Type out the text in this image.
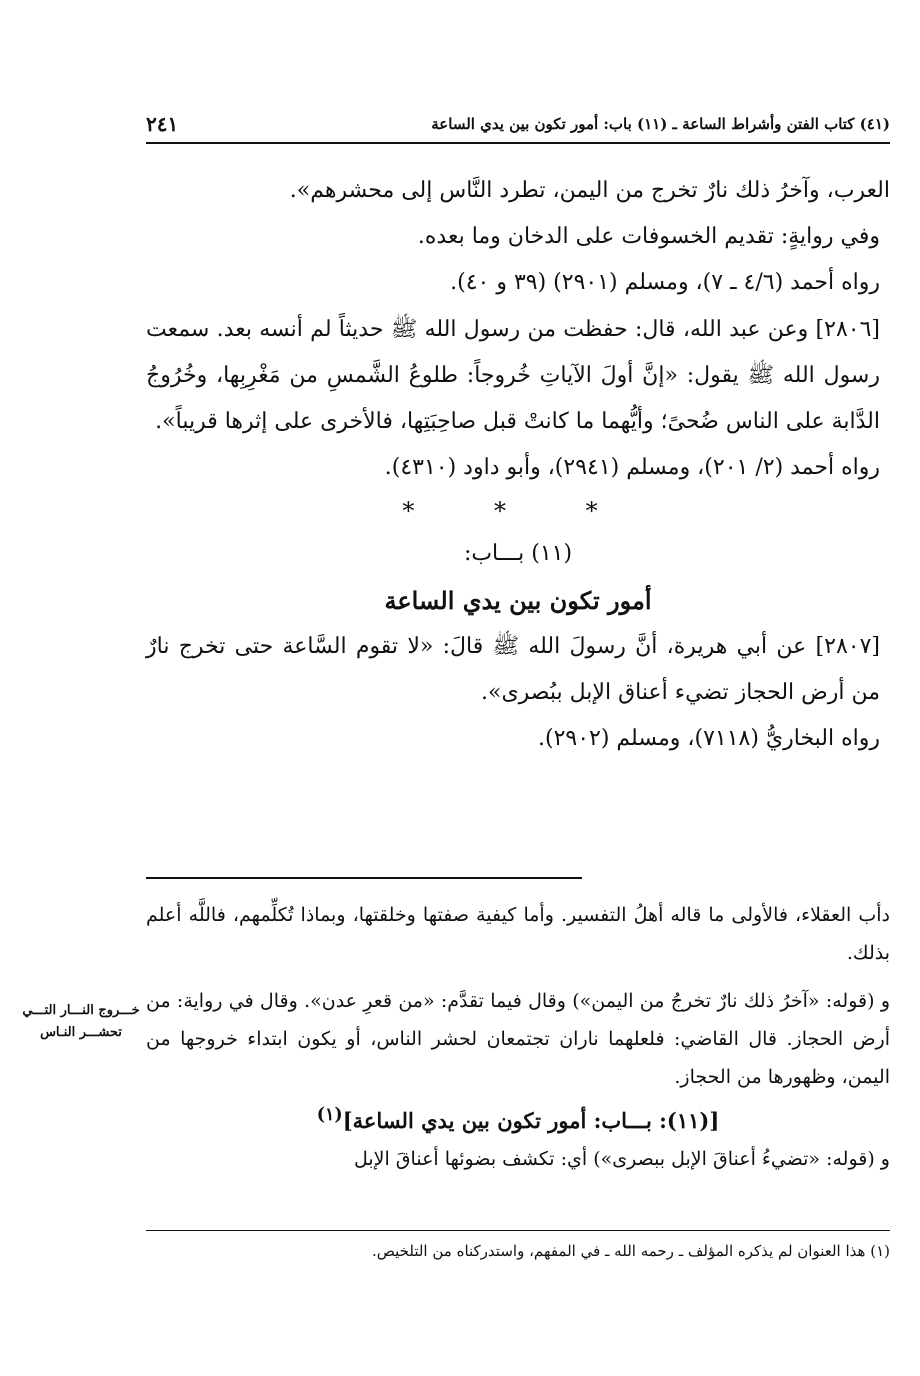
(٤١) كتاب الفتن وأشراط الساعة ـ (١١) باب: أمور تكون بين يدي الساعة
٢٤١

العرب، وآخرُ ذلك نارٌ تخرج من اليمن، تطرد النَّاس إلى محشرهم».

وفي روايةٍ: تقديم الخسوفات على الدخان وما بعده.

رواه أحمد (٤/٦ ـ ٧)، ومسلم (٢٩٠١) (٣٩ و ٤٠).

[٢٨٠٦] وعن عبد الله، قال: حفظت من رسول الله ﷺ حديثاً لم أنسه بعد. سمعت رسول الله ﷺ يقول: «إنَّ أولَ الآياتِ خُروجاً: طلوعُ الشَّمسِ من مَغْرِبِها، وخُرُوجُ الدَّابة على الناس ضُحىً؛ وأيُّهما ما كانتْ قبل صاحِبَتِها، فالأخرى على إثرها قريباً».

رواه أحمد (٢/ ٢٠١)، ومسلم (٢٩٤١)، وأبو داود (٤٣١٠).

* * *

(١١) بـــاب:

أمور تكون بين يدي الساعة

[٢٨٠٧] عن أبي هريرة، أنَّ رسولَ الله ﷺ قالَ: «لا تقوم السَّاعة حتى تخرج نارٌ من أرض الحجاز تضيء أعناق الإبل ببُصرى».

رواه البخاريُّ (٧١١٨)، ومسلم (٢٩٠٢).

دأب العقلاء، فالأولى ما قاله أهلُ التفسير. وأما كيفية صفتها وخلقتها، وبماذا تُكلِّمهم، فاللَّه أعلم بذلك.

و (قوله: «آخرُ ذلك نارٌ تخرجُ من اليمن») وقال فيما تقدَّم: «من قعرِ عدن». وقال في رواية: من أرض الحجاز. قال القاضي: فلعلهما ناران تجتمعان لحشر الناس، أو يكون ابتداء خروجها من اليمن، وظهورها من الحجاز.

[(١١): بـــاب: أمور تكون بين يدي الساعة]$^{(١)}$

و (قوله: «تضيءُ أعناقَ الإبل ببصرى») أي: تكشف بضوئها أعناقَ الإبل

خـــروج النـــار التـــي تحشـــر النـاس
(١) هذا العنوان لم يذكره المؤلف ـ رحمه الله ـ في المفهم، واستدركناه من التلخيص.
